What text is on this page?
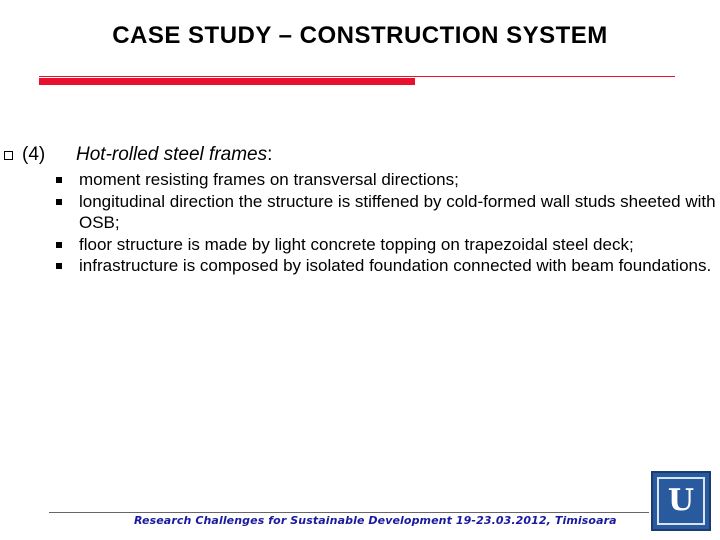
CASE STUDY – CONSTRUCTION SYSTEM
(4) Hot-rolled steel frames:
moment resisting frames on transversal directions;
longitudinal direction the structure is stiffened by cold-formed wall studs sheeted with OSB;
floor structure is made by light concrete topping on trapezoidal steel deck;
infrastructure is composed by isolated foundation connected with beam foundations.
Research Challenges for Sustainable Development 19-23.03.2012, Timisoara
U
